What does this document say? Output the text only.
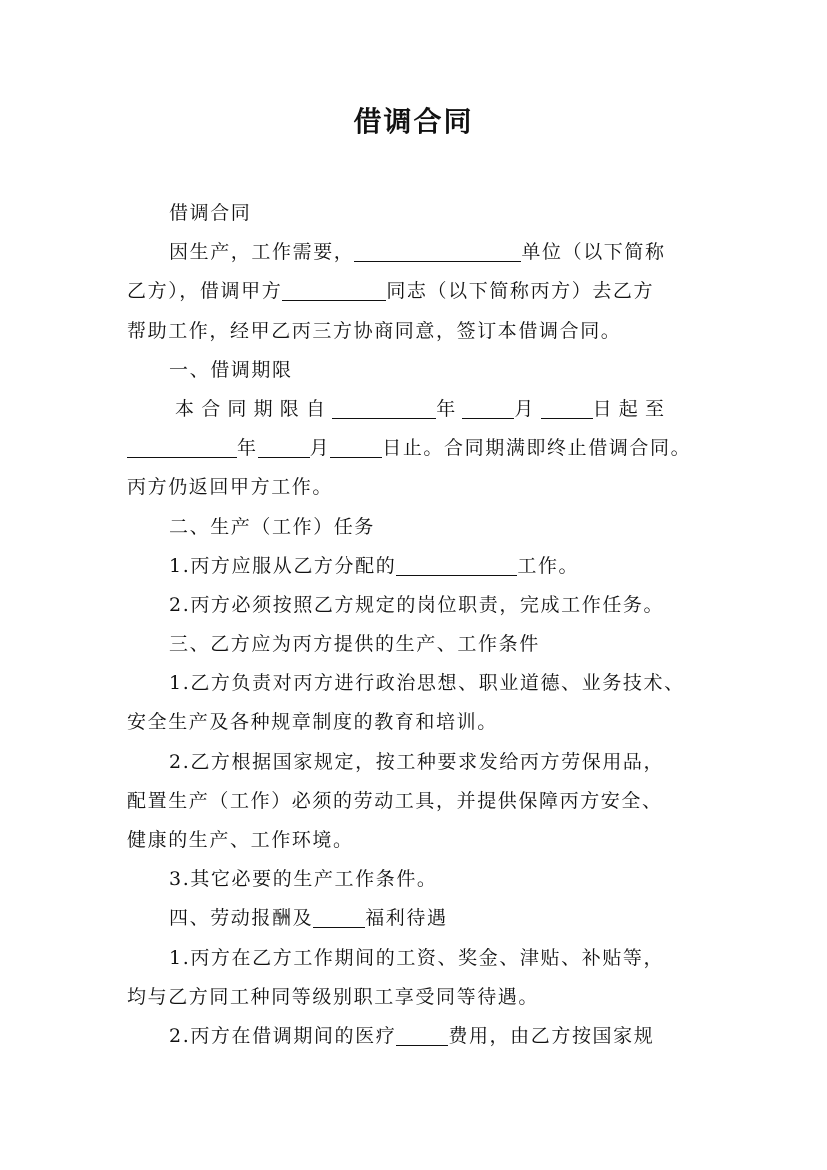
借调合同
借调合同
因生产，工作需要，	单位（以下简称
乙方），借调甲方	同志（以下简称丙方）去乙方
帮助工作，经甲乙丙三方协商同意，签订本借调合同。
一、借调期限
本合同期限自	年	月	日起至
年	月	日止。合同期满即终止借调合同。
丙方仍返回甲方工作。
二、生产（工作）任务
1.丙方应服从乙方分配的	工作。
2.丙方必须按照乙方规定的岗位职责，完成工作任务。
三、乙方应为丙方提供的生产、工作条件
1.乙方负责对丙方进行政治思想、职业道德、业务技术、
安全生产及各种规章制度的教育和培训。
2.乙方根据国家规定，按工种要求发给丙方劳保用品，
配置生产（工作）必须的劳动工具，并提供保障丙方安全、
健康的生产、工作环境。
3.其它必要的生产工作条件。
四、劳动报酬及	福利待遇
1.丙方在乙方工作期间的工资、奖金、津贴、补贴等，
均与乙方同工种同等级别职工享受同等待遇。
2.丙方在借调期间的医疗	费用，由乙方按国家规
